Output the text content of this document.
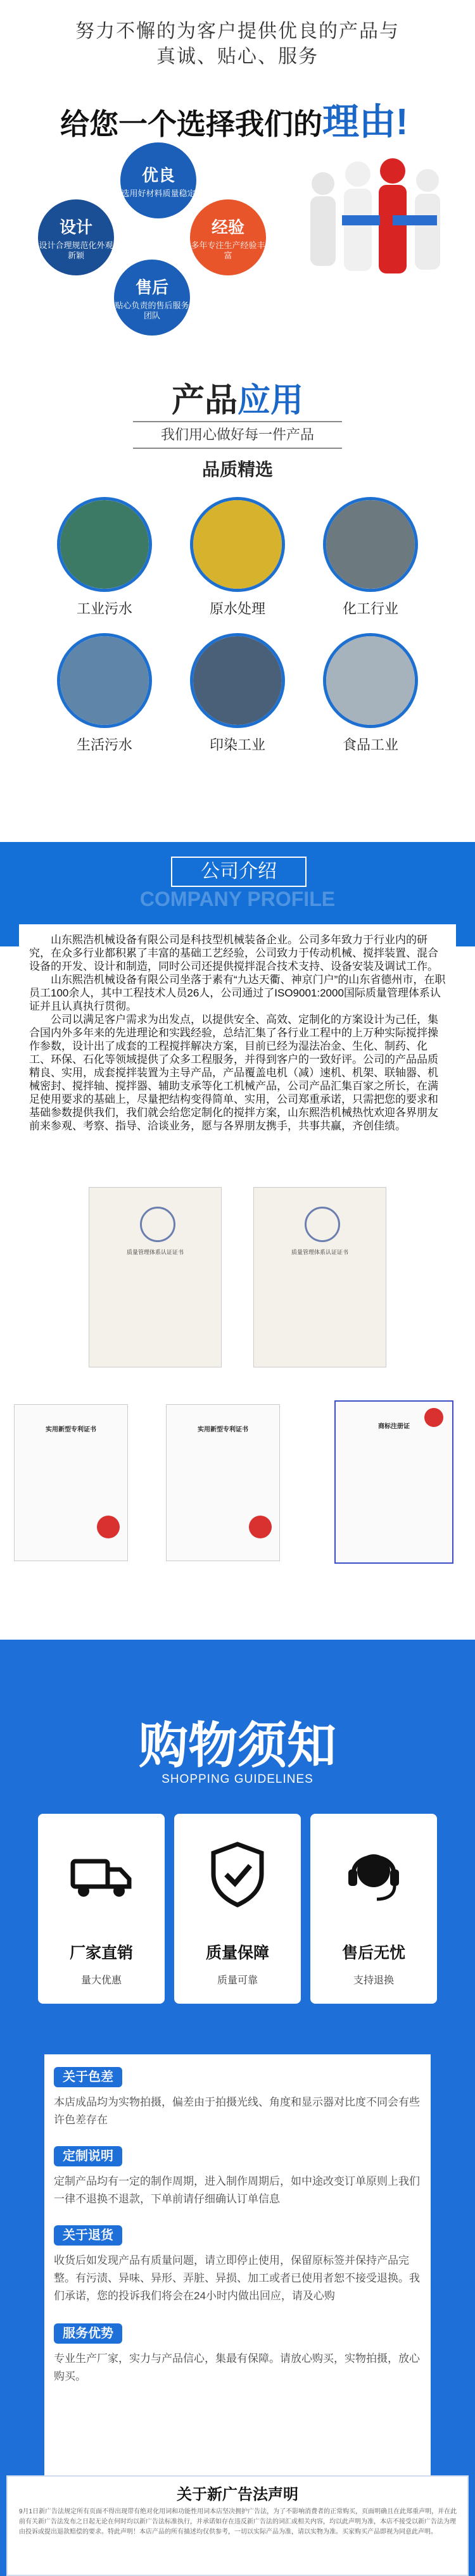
努力不懈的为客户提供优良的产品与
真诚、贴心、服务
给您一个选择我们的理由!
优良
选用好材料质量稳定
设计
设计合理规范化外观新颖
经验
多年专注生产经验丰富
售后
贴心负责的售后服务团队
产品应用
我们用心做好每一件产品
品质精选
工业污水	原水处理	化工行业
生活污水	印染工业	食品工业
公司介绍
COMPANY PROFILE

山东熙浩机械设备有限公司是科技型机械装备企业。公司多年致力于行业内的研究，在众多行业都积累了丰富的基础工艺经验，公司致力于传动机械、搅拌装置、混合设备的开发、设计和制造，同时公司还提供搅拌混合技术支持、设备安装及调试工作。

山东熙浩机械设备有限公司坐落于素有“九达天衢、神京门户”的山东省德州市，在职员工100余人，其中工程技术人员26人，公司通过了ISO9001:2000国际质量管理体系认证并且认真执行贯彻。

公司以满足客户需求为出发点，以提供安全、高效、定制化的方案设计为己任，集合国内外多年来的先进理论和实践经验，总结汇集了各行业工程中的上万种实际搅拌操作参数，设计出了成套的工程搅拌解决方案，目前已经为湿法冶金、生化、制药、化工、环保、石化等领域提供了众多工程服务，并得到客户的一致好评。公司的产品品质精良、实用，成套搅拌装置为主导产品，产品覆盖电机（减）速机、机架、联轴器、机械密封、搅拌轴、搅拌器、辅助支承等化工机械产品，公司产品汇集百家之所长，在满足使用要求的基础上，尽量把结构变得简单、实用，公司郑重承诺，只需把您的要求和基础参数提供我们，我们就会给您定制化的搅拌方案，山东熙浩机械热忱欢迎各界朋友前来参观、考察、指导、洽谈业务，愿与各界朋友携手，共事共赢，齐创佳绩。

质量管理体系认证证书	质量管理体系认证证书
实用新型专利证书	实用新型专利证书	商标注册证
购物须知
SHOPPING GUIDELINES
厂家直销
量大优惠
质量保障
质量可靠
售后无忧
支持退换
关于色差
本店成品均为实物拍摄，偏差由于拍摄光线、角度和显示器对比度不同会有些许色差存在
定制说明
定制产品均有一定的制作周期，进入制作周期后，如中途改变订单原则上我们一律不退换不退款，下单前请仔细确认订单信息
关于退货
收货后如发现产品有质量问题，请立即停止使用，保留原标签并保持产品完整。有污渍、异味、异形、弄脏、异损、加工或者已使用者恕不接受退换。我们承诺，您的投诉我们将会在24小时内做出回应，请及心购
服务优势
专业生产厂家，实力与产品信心，集最有保障。请放心购买，实物拍摄，放心购买。
关于新广告法声明
9月1日新广告法规定所有页面不得出现带有绝对化用词和功能性用词本店坚决拥护广告法，为了不影响消费者的正常购买，页面明确且在此郑重声明，并在此前有关新广告法发布之日起无论在何时均以新广告法标准执行，并承诺如存在违反新广告法的词汇或相关内容，均以此声明为准，本店不接受以新广告法为理由投诉或提出退款赔偿的要求。特此声明！本店产品的所有描述均仅供参考，一切以实际产品为准，请以实物为准。买家购买产品即视为同意此声明。
